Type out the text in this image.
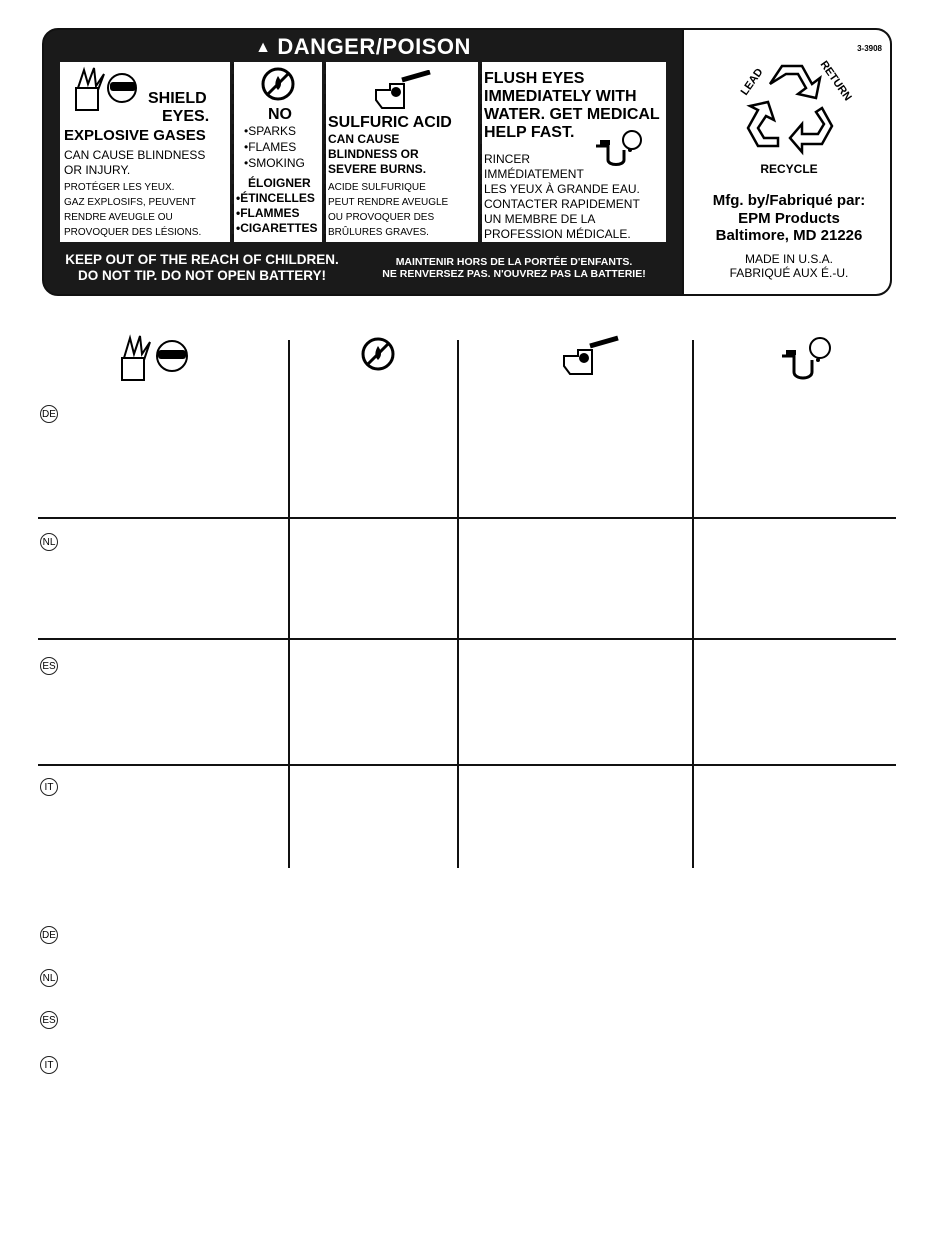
▲ DANGER/POISON
SHIELD
EYES.
EXPLOSIVE GASES
CAN CAUSE BLINDNESS
OR INJURY.
PROTÉGER LES YEUX.
GAZ EXPLOSIFS, PEUVENT
RENDRE AVEUGLE OU
PROVOQUER DES LÉSIONS.
NO
•SPARKS
•FLAMES
•SMOKING
ÉLOIGNER
•ÉTINCELLES
•FLAMMES
•CIGARETTES
SULFURIC ACID
CAN CAUSE
BLINDNESS OR
SEVERE BURNS.
ACIDE SULFURIQUE
PEUT RENDRE AVEUGLE
OU PROVOQUER DES
BRÛLURES GRAVES.
FLUSH EYES
IMMEDIATELY WITH
WATER. GET MEDICAL
HELP FAST.
RINCER
IMMÉDIATEMENT
LES YEUX À GRANDE EAU.
CONTACTER RAPIDEMENT
UN MEMBRE DE LA
PROFESSION MÉDICALE.
KEEP OUT OF THE REACH OF CHILDREN.
DO NOT TIP. DO NOT OPEN BATTERY!
MAINTENIR HORS DE LA PORTÉE D'ENFANTS.
NE RENVERSEZ PAS. N'OUVREZ PAS LA BATTERIE!
3-3908
LEAD	RETURN
RECYCLE
Mfg. by/Fabriqué par:
EPM Products
Baltimore, MD 21226
MADE IN U.S.A.
FABRIQUÉ AUX É.-U.
DE
NL
ES
IT
DE
NL
ES
IT
